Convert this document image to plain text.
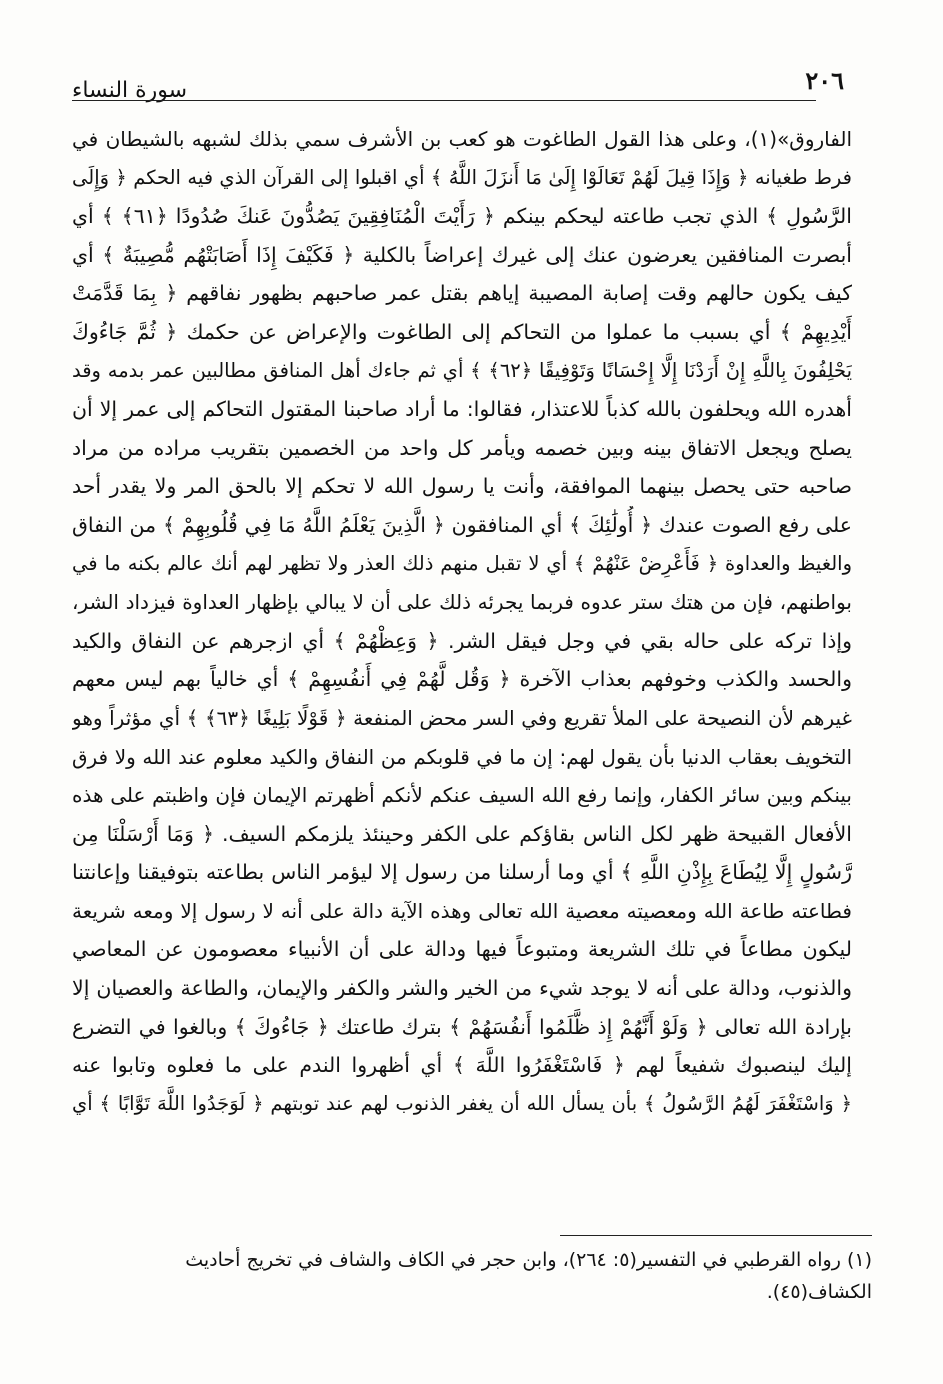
٢٠٦
سورة النساء
الفاروق»(١)، وعلى هذا القول الطاغوت هو كعب بن الأشرف سمي بذلك لشبهه بالشيطان في
فرط طغيانه ﴿ وَإِذَا قِيلَ لَهُمْ تَعَالَوْا إِلَىٰ مَا أَنزَلَ اللَّهُ ﴾ أي اقبلوا إلى القرآن الذي فيه الحكم ﴿ وَإِلَى
الرَّسُولِ ﴾ الذي تجب طاعته ليحكم بينكم ﴿ رَأَيْتَ الْمُنَافِقِينَ يَصُدُّونَ عَنكَ صُدُودًا ﴿٦١﴾ ﴾ أي
أبصرت المنافقين يعرضون عنك إلى غيرك إعراضاً بالكلية ﴿ فَكَيْفَ إِذَا أَصَابَتْهُم مُّصِيبَةٌ ﴾ أي
كيف يكون حالهم وقت إصابة المصيبة إياهم بقتل عمر صاحبهم بظهور نفاقهم ﴿ بِمَا قَدَّمَتْ
أَيْدِيهِمْ ﴾ أي بسبب ما عملوا من التحاكم إلى الطاغوت والإعراض عن حكمك ﴿ ثُمَّ جَاءُوكَ
يَحْلِفُونَ بِاللَّهِ إِنْ أَرَدْنَا إِلَّا إِحْسَانًا وَتَوْفِيقًا ﴿٦٢﴾ ﴾ أي ثم جاءك أهل المنافق مطالبين عمر بدمه وقد
أهدره الله ويحلفون بالله كذباً للاعتذار، فقالوا: ما أراد صاحبنا المقتول التحاكم إلى عمر إلا أن
يصلح ويجعل الاتفاق بينه وبين خصمه ويأمر كل واحد من الخصمين بتقريب مراده من مراد
صاحبه حتى يحصل بينهما الموافقة، وأنت يا رسول الله لا تحكم إلا بالحق المر ولا يقدر أحد
على رفع الصوت عندك ﴿ أُولَٰئِكَ ﴾ أي المنافقون ﴿ الَّذِينَ يَعْلَمُ اللَّهُ مَا فِي قُلُوبِهِمْ ﴾ من النفاق
والغيظ والعداوة ﴿ فَأَعْرِضْ عَنْهُمْ ﴾ أي لا تقبل منهم ذلك العذر ولا تظهر لهم أنك عالم بكنه ما في
بواطنهم، فإن من هتك ستر عدوه فربما يجرئه ذلك على أن لا يبالي بإظهار العداوة فيزداد الشر،
وإذا تركه على حاله بقي في وجل فيقل الشر. ﴿ وَعِظْهُمْ ﴾ أي ازجرهم عن النفاق والكيد
والحسد والكذب وخوفهم بعذاب الآخرة ﴿ وَقُل لَّهُمْ فِي أَنفُسِهِمْ ﴾ أي خالياً بهم ليس معهم
غيرهم لأن النصيحة على الملأ تقريع وفي السر محض المنفعة ﴿ قَوْلًا بَلِيغًا ﴿٦٣﴾ ﴾ أي مؤثراً وهو
التخويف بعقاب الدنيا بأن يقول لهم: إن ما في قلوبكم من النفاق والكيد معلوم عند الله ولا فرق
بينكم وبين سائر الكفار، وإنما رفع الله السيف عنكم لأنكم أظهرتم الإيمان فإن واظبتم على هذه
الأفعال القبيحة ظهر لكل الناس بقاؤكم على الكفر وحينئذ يلزمكم السيف. ﴿ وَمَا أَرْسَلْنَا مِن
رَّسُولٍ إِلَّا لِيُطَاعَ بِإِذْنِ اللَّهِ ﴾ أي وما أرسلنا من رسول إلا ليؤمر الناس بطاعته بتوفيقنا وإعانتنا
فطاعته طاعة الله ومعصيته معصية الله تعالى وهذه الآية دالة على أنه لا رسول إلا ومعه شريعة
ليكون مطاعاً في تلك الشريعة ومتبوعاً فيها ودالة على أن الأنبياء معصومون عن المعاصي
والذنوب، ودالة على أنه لا يوجد شيء من الخير والشر والكفر والإيمان، والطاعة والعصيان إلا
بإرادة الله تعالى ﴿ وَلَوْ أَنَّهُمْ إِذ ظَّلَمُوا أَنفُسَهُمْ ﴾ بترك طاعتك ﴿ جَاءُوكَ ﴾ وبالغوا في التضرع
إليك لينصبوك شفيعاً لهم ﴿ فَاسْتَغْفَرُوا اللَّهَ ﴾ أي أظهروا الندم على ما فعلوه وتابوا عنه
﴿ وَاسْتَغْفَرَ لَهُمُ الرَّسُولُ ﴾ بأن يسأل الله أن يغفر الذنوب لهم عند توبتهم ﴿ لَوَجَدُوا اللَّهَ تَوَّابًا ﴾ أي
(١) رواه القرطبي في التفسير(٥: ٢٦٤)، وابن حجر في الكاف والشاف في تخريج أحاديث
الكشاف(٤٥).
